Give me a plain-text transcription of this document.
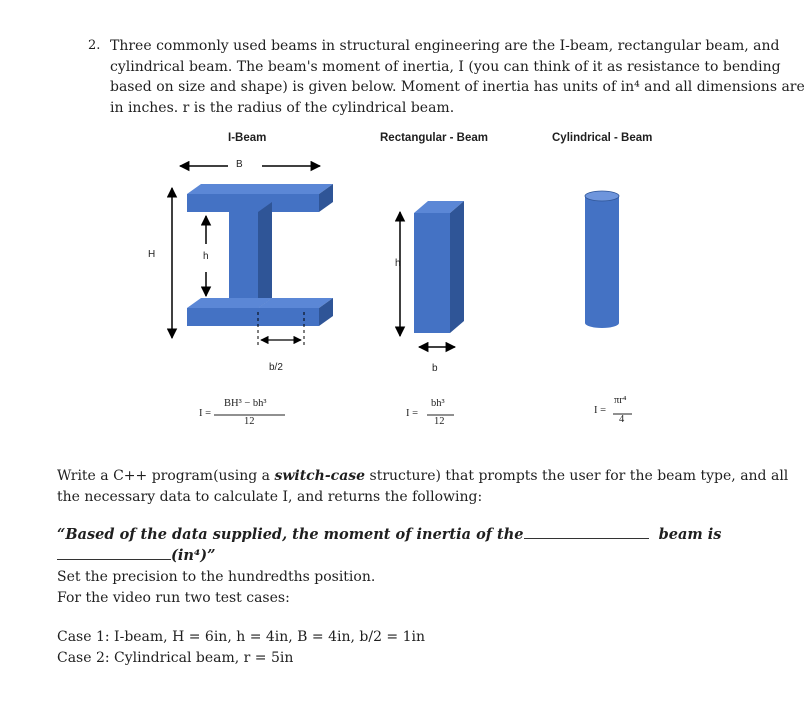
2. Three commonly used beams in structural engineering are the I-beam, rectangular beam, and
cylindrical beam. The beam's moment of inertia, I (you can think of it as resistance to bending
based on size and shape) is given below. Moment of inertia has units of in⁴ and all dimensions are
in inches. r is the radius of the cylindrical beam.
I-Beam	Rectangular - Beam	Cylindrical - Beam
B
H	h
b/2
h
b
I =
BH³ − bh³
12
I =
bh³
12
I =
πr⁴
4
Write a C++ program(using a switch-case structure) that prompts the user for the beam type, and all
the necessary data to calculate I, and returns the following:
“Based of the data supplied, the moment of inertia of the	beam is
(in⁴)”
Set the precision to the hundredths position.
For the video run two test cases:
Case 1: I-beam, H = 6in, h = 4in, B = 4in, b/2 = 1in
Case 2: Cylindrical beam, r = 5in
